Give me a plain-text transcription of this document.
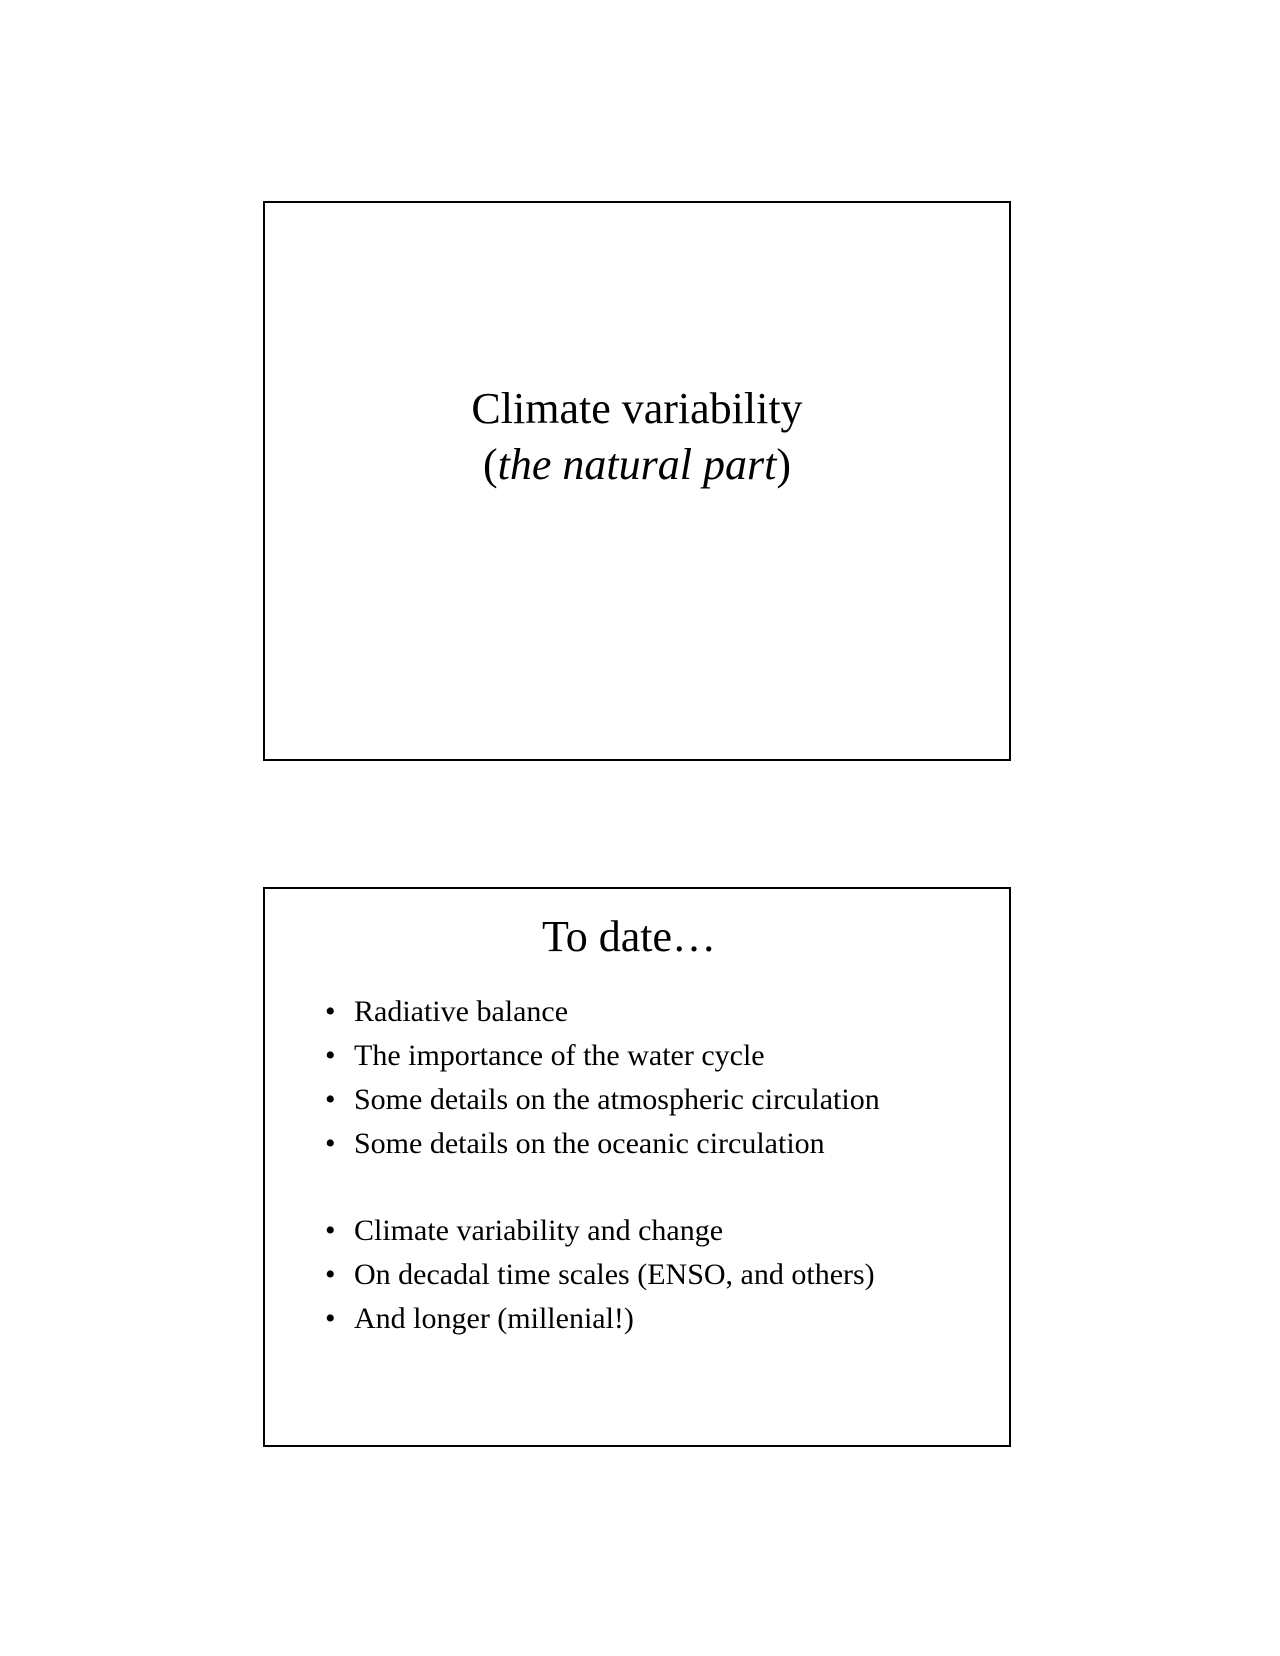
Climate variability
(the natural part)
To date…
• Radiative balance
• The importance of the water cycle
• Some details on the atmospheric circulation
• Some details on the oceanic circulation
• Climate variability and change
• On decadal time scales (ENSO, and others)
• And longer (millenial!)
